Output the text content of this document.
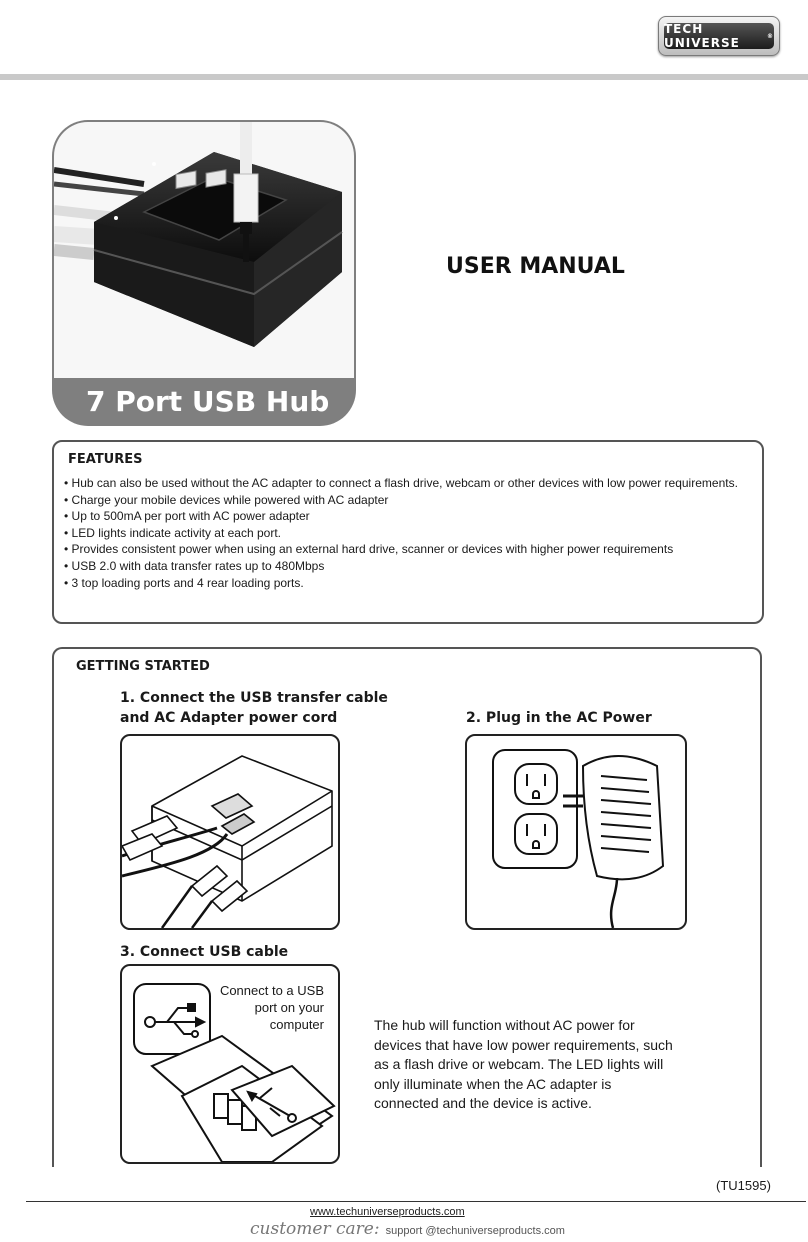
TECH UNIVERSE	®
7 Port USB Hub
USER MANUAL
FEATURES
• Hub can also be used without the AC adapter to connect a flash drive, webcam or other devices with low power requirements.
• Charge your mobile devices while powered with AC adapter
• Up to 500mA per port with AC power adapter
• LED lights indicate activity at each port.
• Provides consistent power when using an external hard drive, scanner or devices with higher power requirements
• USB 2.0 with data transfer rates up to 480Mbps
• 3 top loading ports and 4 rear loading ports.
GETTING STARTED
1. Connect the USB transfer cable
and AC Adapter power cord	2. Plug in the AC Power
3. Connect USB cable
Connect to a USB port on your computer	The hub will function without AC power for devices that have low power requirements, such as a flash drive or webcam. The LED lights will only illuminate when the AC adapter is connected and the device is active.
(TU1595)
www.techuniverseproducts.com
customer care: support @techuniverseproducts.com
